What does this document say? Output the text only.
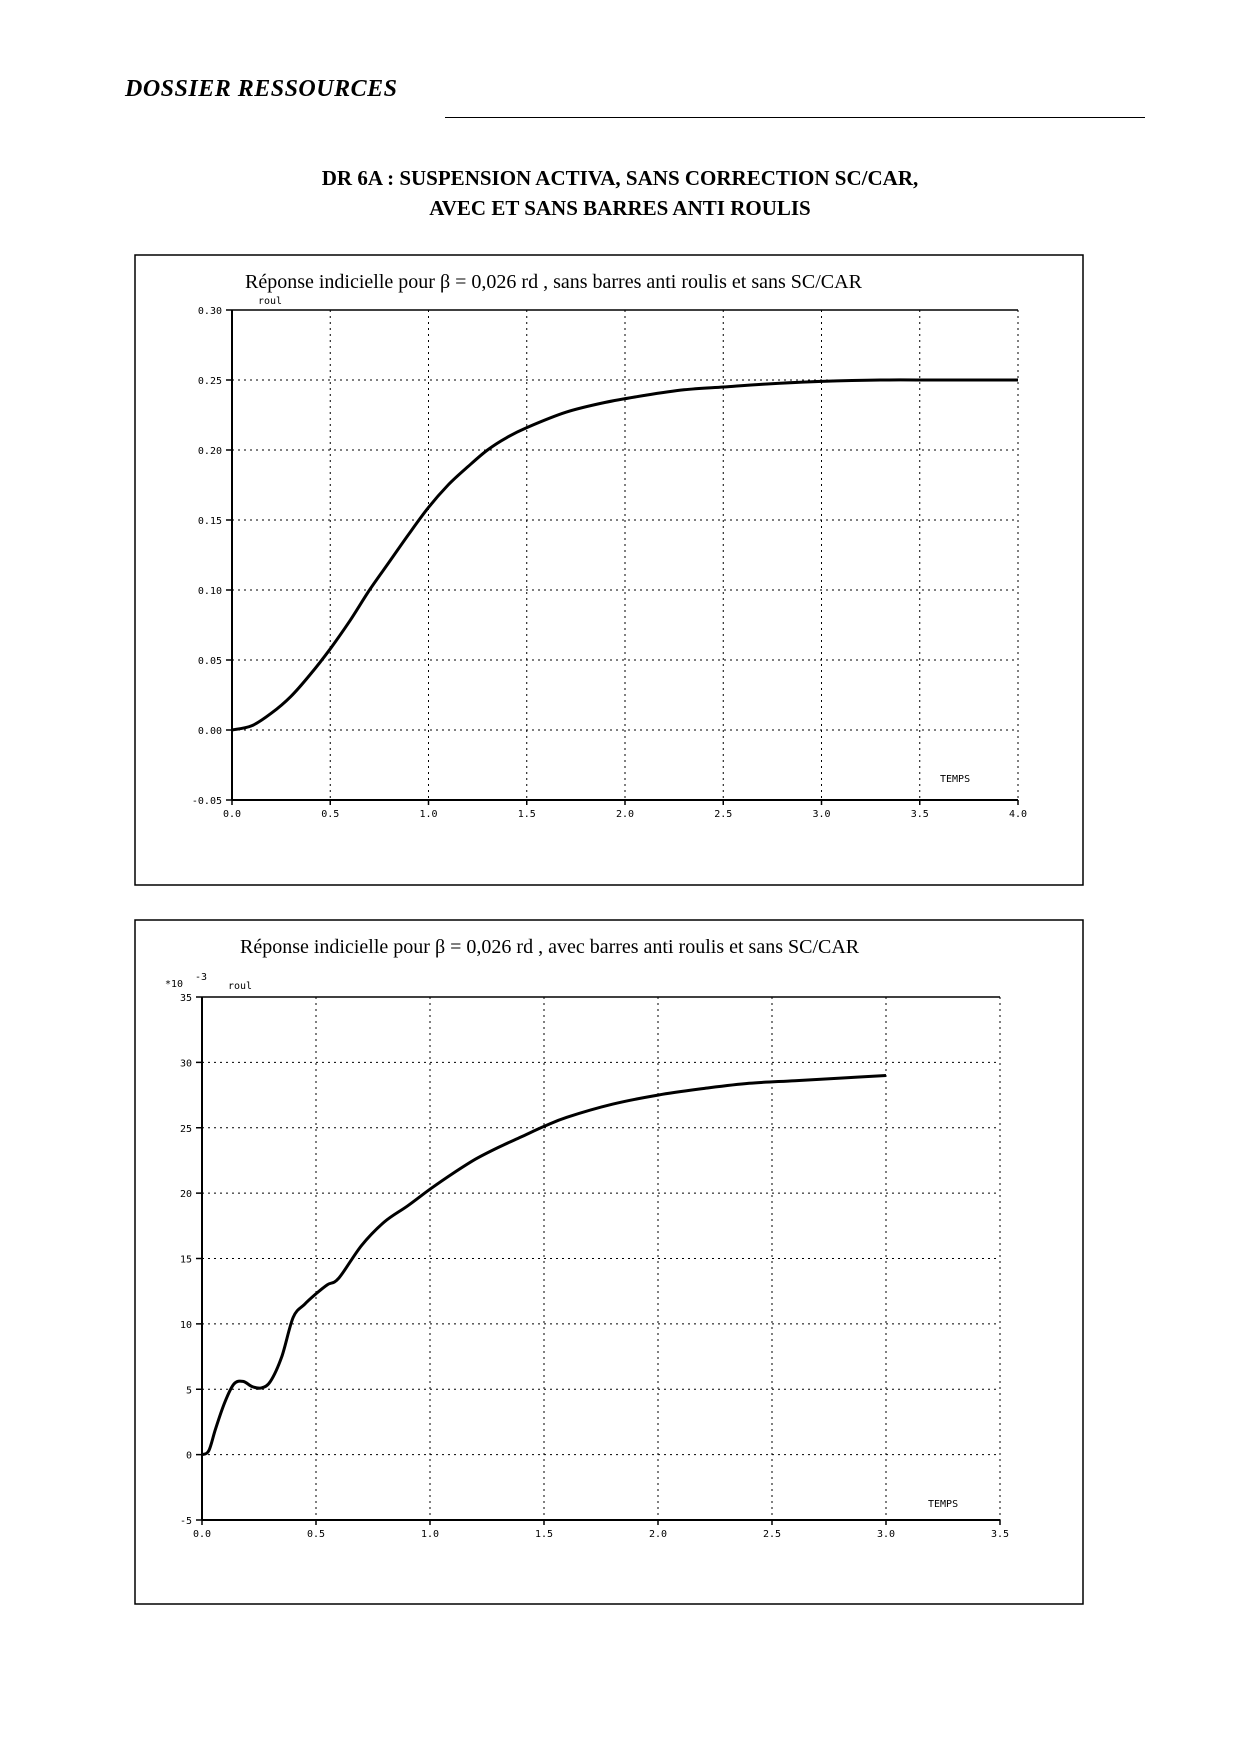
DOSSIER RESSOURCES
DR 6A : SUSPENSION ACTIVA, SANS CORRECTION SC/CAR,
AVEC ET SANS BARRES ANTI ROULIS
Réponse indicielle pour β = 0,026 rd , sans barres anti roulis et sans SC/CAR
roul
TEMPS
-0.05
0.00
0.05
0.10
0.15
0.20
0.25
0.30
0.0	0.5	1.0	1.5	2.0	2.5	3.0	3.5	4.0
Réponse indicielle pour β = 0,026 rd , avec barres anti roulis et sans SC/CAR
*10
-3
roul
TEMPS
-5
0
5
10
15
20
25
30
35
0.0	0.5	1.0	1.5	2.0	2.5	3.0	3.5
